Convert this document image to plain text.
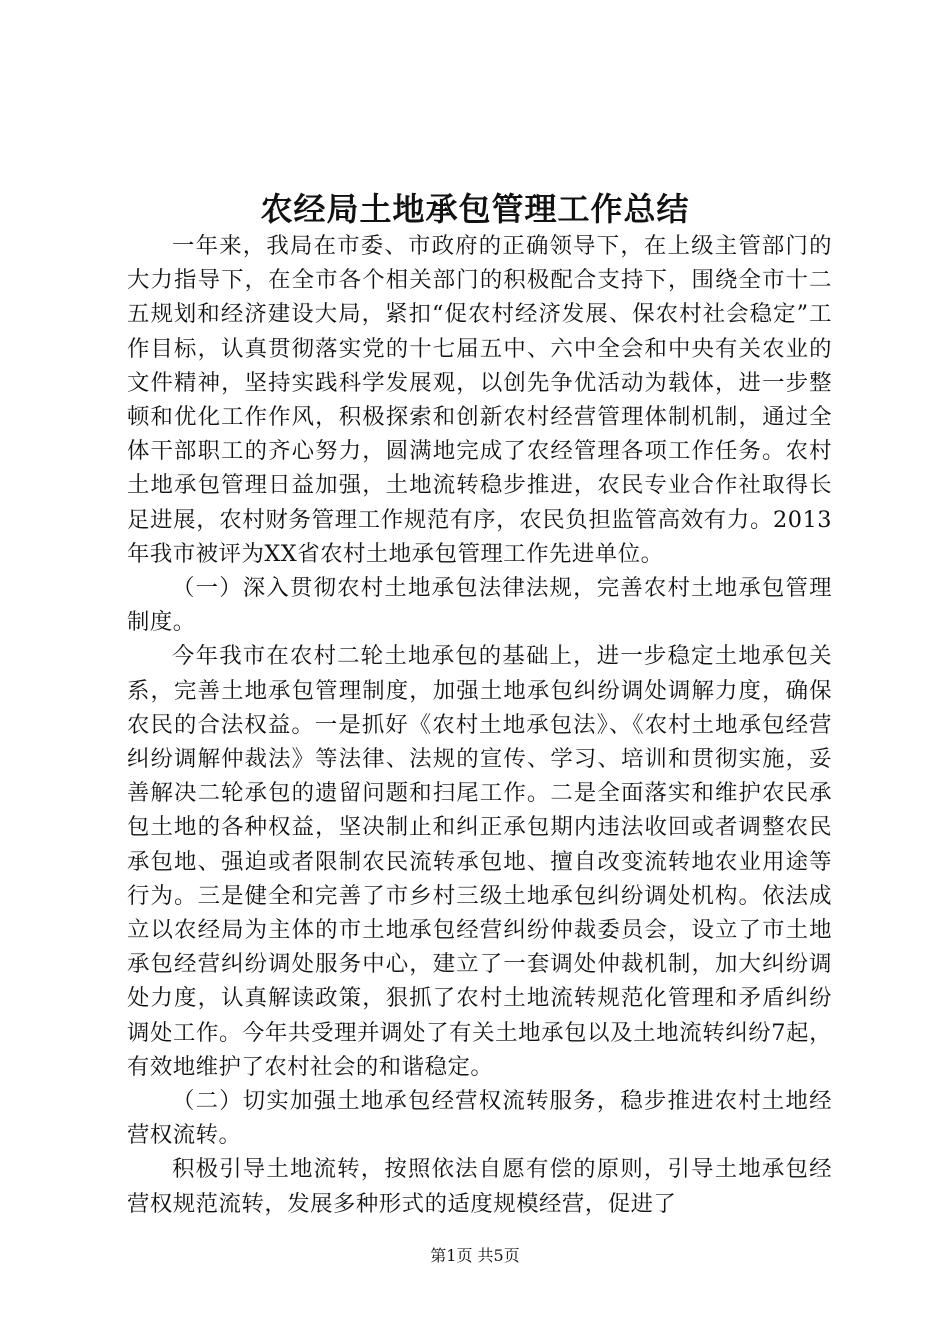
农经局土地承包管理工作总结

一年来，我局在市委、市政府的正确领导下，在上级主管部门的大力指导下，在全市各个相关部门的积极配合支持下，围绕全市十二五规划和经济建设大局，紧扣“促农村经济发展、保农村社会稳定”工作目标，认真贯彻落实党的十七届五中、六中全会和中央有关农业的文件精神，坚持实践科学发展观，以创先争优活动为载体，进一步整顿和优化工作作风，积极探索和创新农村经营管理体制机制，通过全体干部职工的齐心努力，圆满地完成了农经管理各项工作任务。农村土地承包管理日益加强，土地流转稳步推进，农民专业合作社取得长足进展，农村财务管理工作规范有序，农民负担监管高效有力。2013年我市被评为XX省农村土地承包管理工作先进单位。

（一）深入贯彻农村土地承包法律法规，完善农村土地承包管理制度。

今年我市在农村二轮土地承包的基础上，进一步稳定土地承包关系，完善土地承包管理制度，加强土地承包纠纷调处调解力度，确保农民的合法权益。一是抓好《农村土地承包法》、《农村土地承包经营纠纷调解仲裁法》等法律、法规的宣传、学习、培训和贯彻实施，妥善解决二轮承包的遗留问题和扫尾工作。二是全面落实和维护农民承包土地的各种权益，坚决制止和纠正承包期内违法收回或者调整农民承包地、强迫或者限制农民流转承包地、擅自改变流转地农业用途等行为。三是健全和完善了市乡村三级土地承包纠纷调处机构。依法成立以农经局为主体的市土地承包经营纠纷仲裁委员会，设立了市土地承包经营纠纷调处服务中心，建立了一套调处仲裁机制，加大纠纷调处力度，认真解读政策，狠抓了农村土地流转规范化管理和矛盾纠纷调处工作。今年共受理并调处了有关土地承包以及土地流转纠纷7起，有效地维护了农村社会的和谐稳定。

（二）切实加强土地承包经营权流转服务，稳步推进农村土地经营权流转。

积极引导土地流转，按照依法自愿有偿的原则，引导土地承包经营权规范流转，发展多种形式的适度规模经营，促进了

第1页 共5页
